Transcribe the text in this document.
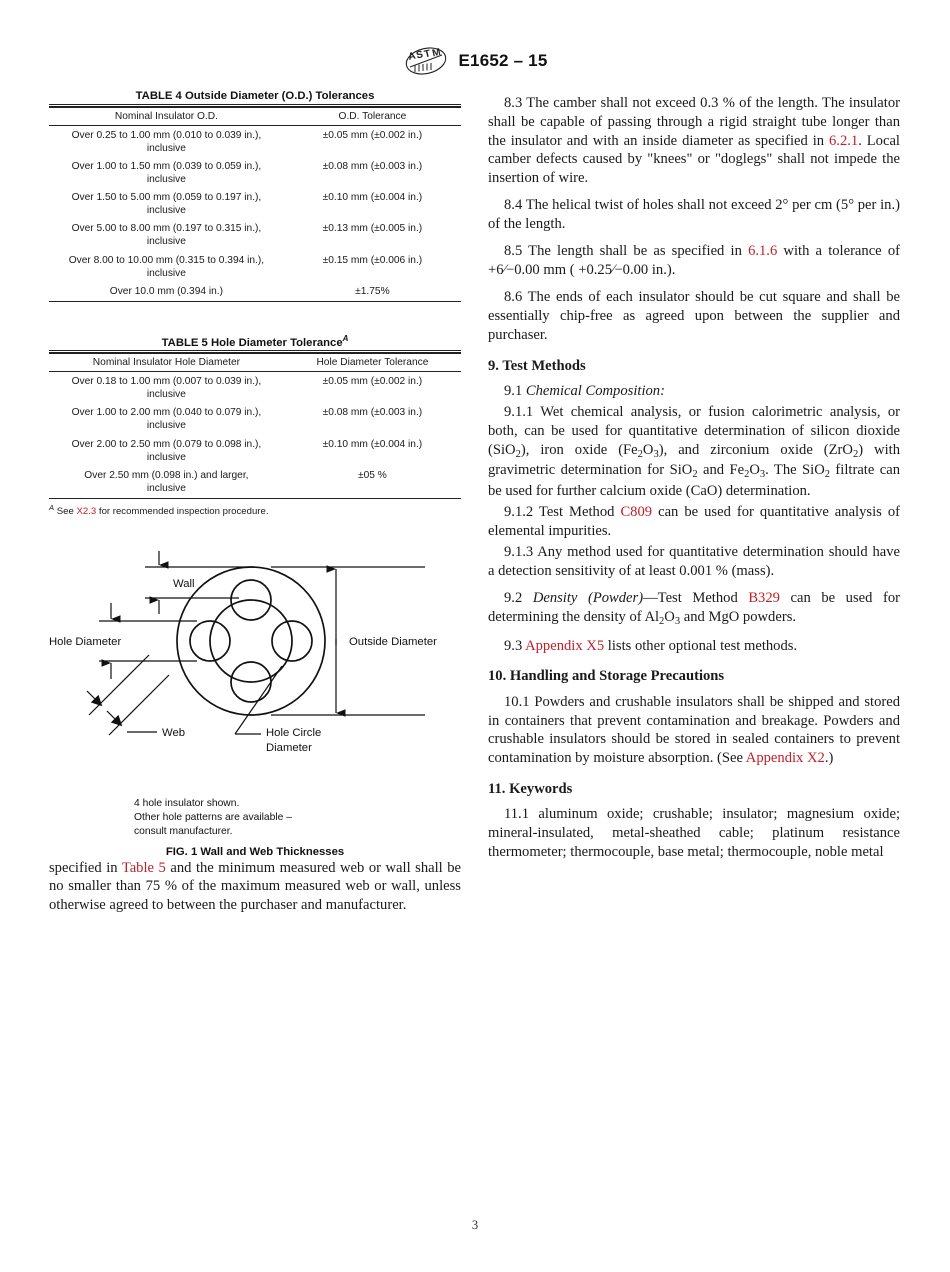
A
S T M E1652 – 15
TABLE 4 Outside Diameter (O.D.) Tolerances
Nominal Insulator O.D.	O.D. Tolerance
Over 0.25 to 1.00 mm (0.010 to 0.039 in.),
inclusive	±0.05 mm (±0.002 in.)
Over 1.00 to 1.50 mm (0.039 to 0.059 in.),
inclusive	±0.08 mm (±0.003 in.)
Over 1.50 to 5.00 mm (0.059 to 0.197 in.),
inclusive	±0.10 mm (±0.004 in.)
Over 5.00 to 8.00 mm (0.197 to 0.315 in.),
inclusive	±0.13 mm (±0.005 in.)
Over 8.00 to 10.00 mm (0.315 to 0.394 in.),
inclusive	±0.15 mm (±0.006 in.)
Over 10.0 mm (0.394 in.)	±1.75%
TABLE 5 Hole Diameter Tolerance$^A$
Nominal Insulator Hole Diameter	Hole Diameter Tolerance
Over 0.18 to 1.00 mm (0.007 to 0.039 in.),
inclusive	±0.05 mm (±0.002 in.)
Over 1.00 to 2.00 mm (0.040 to 0.079 in.),
inclusive	±0.08 mm (±0.003 in.)
Over 2.00 to 2.50 mm (0.079 to 0.098 in.),
inclusive	±0.10 mm (±0.004 in.)
Over 2.50 mm (0.098 in.) and larger,
inclusive	±05 %
$^A$ See X2.3 for recommended inspection procedure.
Wall
Hole Diameter	Outside Diameter
Web	Hole Circle
Diameter
4 hole insulator shown.
Other hole patterns are available –
consult manufacturer.
FIG. 1 Wall and Web Thicknesses

specified in Table 5 and the minimum measured web or wall shall be no smaller than 75 % of the maximum measured web or wall, unless otherwise agreed to between the purchaser and manufacturer.

8.3 The camber shall not exceed 0.3 % of the length. The insulator shall be capable of passing through a rigid straight tube longer than the insulator and with an inside diameter as specified in 6.2.1. Local camber defects caused by "knees" or "doglegs" shall not impede the insertion of wire.

8.4 The helical twist of holes shall not exceed 2° per cm (5° per in.) of the length.

8.5 The length shall be as specified in 6.1.6 with a tolerance of +6⁄−0.00 mm ( +0.25⁄−0.00 in.).

8.6 The ends of each insulator should be cut square and shall be essentially chip-free as agreed upon between the supplier and purchaser.

9. Test Methods

9.1 Chemical Composition:

9.1.1 Wet chemical analysis, or fusion calorimetric analysis, or both, can be used for quantitative determination of silicon dioxide (SiO$_2$), iron oxide $(Fe_2O_3)$, and zirconium oxide (ZrO$_2$) with gravimetric determination for SiO$_2$ and $Fe_2O_3$. The SiO$_2$ filtrate can be used for further calcium oxide (CaO) determination.

9.1.2 Test Method C809 can be used for quantitative analysis of elemental impurities.

9.1.3 Any method used for quantitative determination should have a detection sensitivity of at least 0.001 % (mass).

9.2 Density (Powder)—Test Method B329 can be used for determining the density of $Al_2O_3$ and MgO powders.

9.3 Appendix X5 lists other optional test methods.

10. Handling and Storage Precautions

10.1 Powders and crushable insulators shall be shipped and stored in containers that prevent contamination and breakage. Powders and crushable insulators should be stored in sealed containers to prevent contamination by moisture absorption. (See Appendix X2.)

11. Keywords

11.1 aluminum oxide; crushable; insulator; magnesium oxide; mineral-insulated, metal-sheathed cable; platinum resistance thermometer; thermocouple, base metal; thermocouple, noble metal

3
